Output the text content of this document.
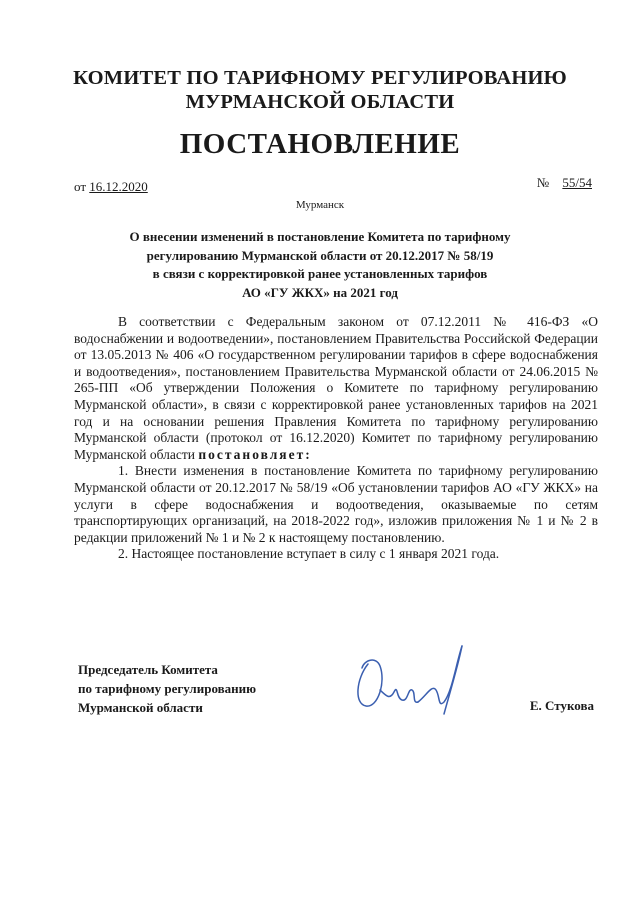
КОМИТЕТ ПО ТАРИФНОМУ РЕГУЛИРОВАНИЮ
МУРМАНСКОЙ ОБЛАСТИ
ПОСТАНОВЛЕНИЕ
от 16.12.2020	№ 55/54
Мурманск
О внесении изменений в постановление Комитета по тарифному
регулированию Мурманской области от 20.12.2017 № 58/19
в связи с корректировкой ранее установленных тарифов
АО «ГУ ЖКХ» на 2021 год

В соответствии с Федеральным законом от 07.12.2011 № 416-ФЗ «О водоснабжении и водоотведении», постановлением Правительства Российской Федерации от 13.05.2013 № 406 «О государственном регулировании тарифов в сфере водоснабжения и водоотведения», постановлением Правительства Мурманской области от 24.06.2015 № 265-ПП «Об утверждении Положения о Комитете по тарифному регулированию Мурманской области», в связи с корректировкой ранее установленных тарифов на 2021 год и на основании решения Правления Комитета по тарифному регулированию Мурманской области (протокол от 16.12.2020) Комитет по тарифному регулированию Мурманской области постановляет:

1. Внести изменения в постановление Комитета по тарифному регулированию Мурманской области от 20.12.2017 № 58/19 «Об установлении тарифов АО «ГУ ЖКХ» на услуги в сфере водоснабжения и водоотведения, оказываемые по сетям транспортирующих организаций, на 2018-2022 год», изложив приложения № 1 и № 2 в редакции приложений № 1 и № 2 к настоящему постановлению.

2. Настоящее постановление вступает в силу с 1 января 2021 года.

Председатель Комитета
по тарифному регулированию
Мурманской области	Е. Стукова
